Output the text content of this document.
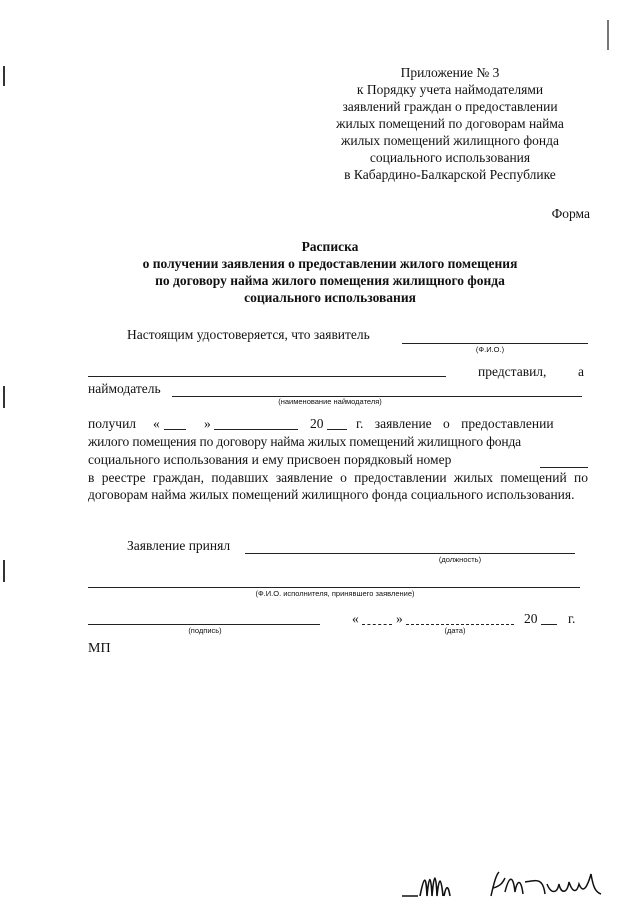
Приложение № 3
к Порядку учета наймодателями
заявлений граждан о предоставлении
жилых помещений по договорам найма
жилых помещений жилищного фонда
социального использования
в Кабардино-Балкарской Республике
Форма
Расписка
о получении заявления о предоставлении жилого помещения
по договору найма жилого помещения жилищного фонда
социального использования
Настоящим удостоверяется, что заявитель
(Ф.И.О.)
представил, а
наймодатель
(наименование наймодателя)
получил «	»	20 г. заявление о предоставлении
жилого помещения по договору найма жилых помещений жилищного фонда
социального использования и ему присвоен порядковый номер
в реестре граждан, подавших заявление о предоставлении жилых помещений по договорам найма жилых помещений жилищного фонда социального использования.
Заявление принял
(должность)
(Ф.И.О. исполнителя, принявшего заявление)
(подпись)
«	»
(дата)
20 г.
МП
